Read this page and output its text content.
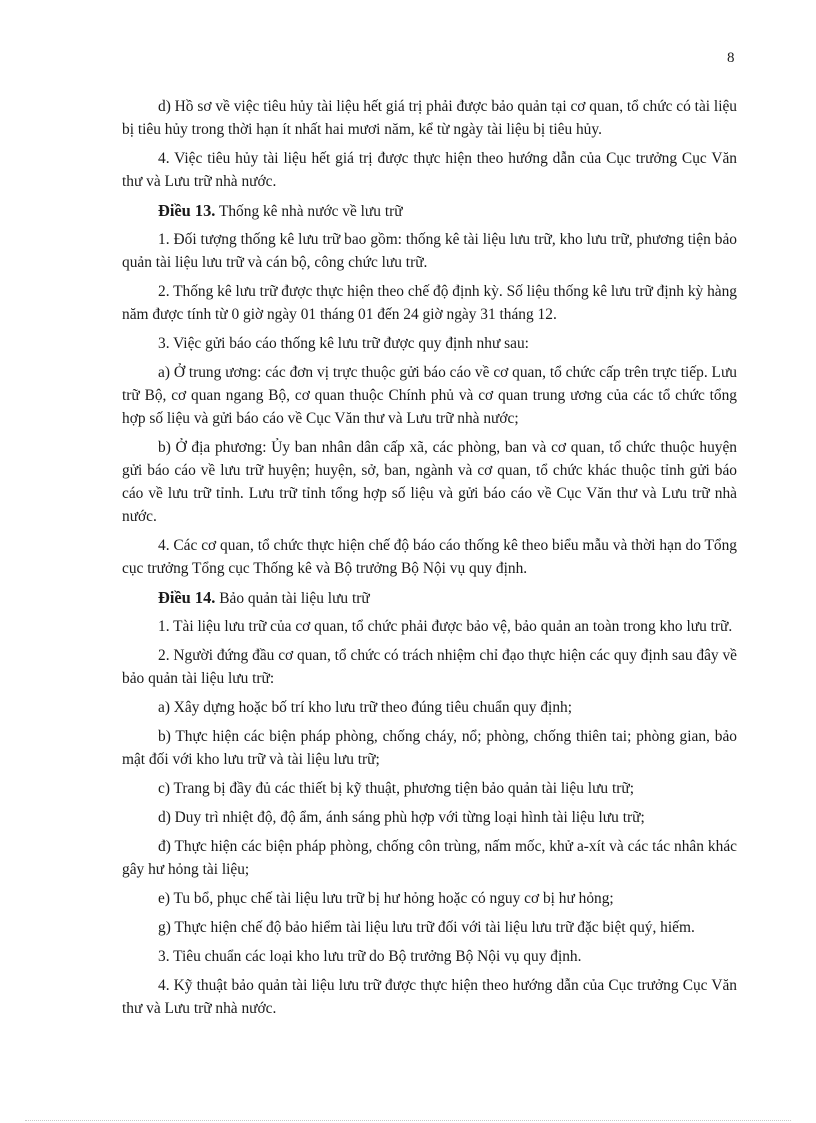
8

d) Hồ sơ về việc tiêu hủy tài liệu hết giá trị phải được bảo quản tại cơ quan, tổ chức có tài liệu bị tiêu hủy trong thời hạn ít nhất hai mươi năm, kể từ ngày tài liệu bị tiêu hủy.

4. Việc tiêu hủy tài liệu hết giá trị được thực hiện theo hướng dẫn của Cục trưởng Cục Văn thư và Lưu trữ nhà nước.

Điều 13. Thống kê nhà nước về lưu trữ

1. Đối tượng thống kê lưu trữ bao gồm: thống kê tài liệu lưu trữ, kho lưu trữ, phương tiện bảo quản tài liệu lưu trữ và cán bộ, công chức lưu trữ.

2. Thống kê lưu trữ được thực hiện theo chế độ định kỳ. Số liệu thống kê lưu trữ định kỳ hàng năm được tính từ 0 giờ ngày 01 tháng 01 đến 24 giờ ngày 31 tháng 12.

3. Việc gửi báo cáo thống kê lưu trữ được quy định như sau:

a) Ở trung ương: các đơn vị trực thuộc gửi báo cáo về cơ quan, tổ chức cấp trên trực tiếp. Lưu trữ Bộ, cơ quan ngang Bộ, cơ quan thuộc Chính phủ và cơ quan trung ương của các tổ chức tổng hợp số liệu và gửi báo cáo về Cục Văn thư và Lưu trữ nhà nước;

b) Ở địa phương: Ủy ban nhân dân cấp xã, các phòng, ban và cơ quan, tổ chức thuộc huyện gửi báo cáo về lưu trữ huyện; huyện, sở, ban, ngành và cơ quan, tổ chức khác thuộc tỉnh gửi báo cáo về lưu trữ tỉnh. Lưu trữ tỉnh tổng hợp số liệu và gửi báo cáo về Cục Văn thư và Lưu trữ nhà nước.

4. Các cơ quan, tổ chức thực hiện chế độ báo cáo thống kê theo biểu mẫu và thời hạn do Tổng cục trưởng Tổng cục Thống kê và Bộ trưởng Bộ Nội vụ quy định.

Điều 14. Bảo quản tài liệu lưu trữ

1. Tài liệu lưu trữ của cơ quan, tổ chức phải được bảo vệ, bảo quản an toàn trong kho lưu trữ.

2. Người đứng đầu cơ quan, tổ chức có trách nhiệm chỉ đạo thực hiện các quy định sau đây về bảo quản tài liệu lưu trữ:

a) Xây dựng hoặc bố trí kho lưu trữ theo đúng tiêu chuẩn quy định;

b) Thực hiện các biện pháp phòng, chống cháy, nổ; phòng, chống thiên tai; phòng gian, bảo mật đối với kho lưu trữ và tài liệu lưu trữ;

c) Trang bị đầy đủ các thiết bị kỹ thuật, phương tiện bảo quản tài liệu lưu trữ;

d) Duy trì nhiệt độ, độ ẩm, ánh sáng phù hợp với từng loại hình tài liệu lưu trữ;

đ) Thực hiện các biện pháp phòng, chống côn trùng, nấm mốc, khử a-xít và các tác nhân khác gây hư hỏng tài liệu;

e) Tu bổ, phục chế tài liệu lưu trữ bị hư hỏng hoặc có nguy cơ bị hư hỏng;

g) Thực hiện chế độ bảo hiểm tài liệu lưu trữ đối với tài liệu lưu trữ đặc biệt quý, hiếm.

3. Tiêu chuẩn các loại kho lưu trữ do Bộ trưởng Bộ Nội vụ quy định.

4. Kỹ thuật bảo quản tài liệu lưu trữ được thực hiện theo hướng dẫn của Cục trưởng Cục Văn thư và Lưu trữ nhà nước.
